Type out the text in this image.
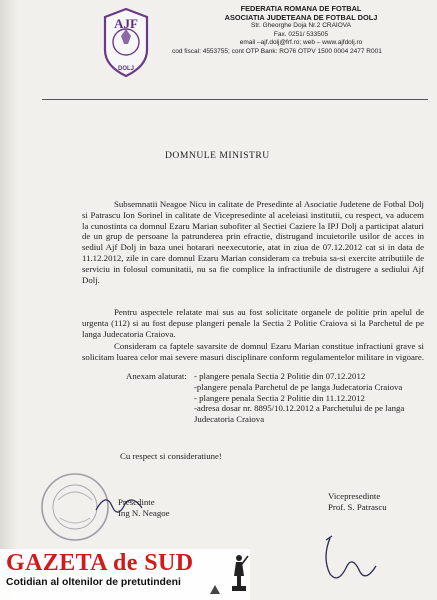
AJF
DOLJ
FEDERATIA ROMANA DE FOTBAL
ASOCIATIA JUDETEANA DE FOTBAL DOLJ
Str. Gheorghe Doja Nr.2 CRAIOVA
Fax. 0251/ 533505
email –ajf.dolj@frf.ro; web – www.ajfdolj.ro
cod fiscal: 4553755; cont OTP Bank: RO76 OTPV 1500 0004 2477 R001
DOMNULE MINISTRU
Subsemnatii Neagoe Nicu in calitate de Presedinte al Asociatie Judetene de Fotbal Dolj si Patrascu Ion Sorinel in calitate de Vicepresedinte al aceleiasi institutii, cu respect, va aducem la cunostinta ca domnul Ezaru Marian subofiter al Sectiei Caziere la IPJ Dolj a participat alaturi de un grup de persoane la patrunderea prin efractie, distrugand incuietorile usilor de acces in sediul Ajf Dolj in baza unei hotarari neexecutorie, atat in ziua de 07.12.2012 cat si in data de 11.12.2012, zile in care domnul Ezaru Marian consideram ca trebuia sa-si exercite atributiile de serviciu in folosul comunitatii, nu sa fie complice la infractiunile de distrugere a sediului Ajf Dolj.
Pentru aspectele relatate mai sus au fost solicitate organele de politie prin apelul de urgenta (112) si au fost depuse plangeri penale la Sectia 2 Politie Craiova si la Parchetul de pe langa Judecatoria Craiova.
Consideram ca faptele savarsite de domnul Ezaru Marian constitue infractiuni grave si solicitam luarea celor mai severe masuri disciplinare conform regulamentelor militare in vigoare.
Anexam alaturat: - plangere penala Sectia 2 Politie din 07.12.2012
-plangere penala Parchetul de pe langa Judecatoria Craiova
- plangere penala Sectia 2 Politie din 11.12.2012
-adresa dosar nr. 8895/10.12.2012 a Parchetului de pe langa Judecatoria Craiova
Cu respect si consideratiune!
Presedinte
Ing N. Neagoe
Vicepresedinte
Prof. S. Patrascu
GAZETA de SUD
Cotidian al oltenilor de pretutindeni
